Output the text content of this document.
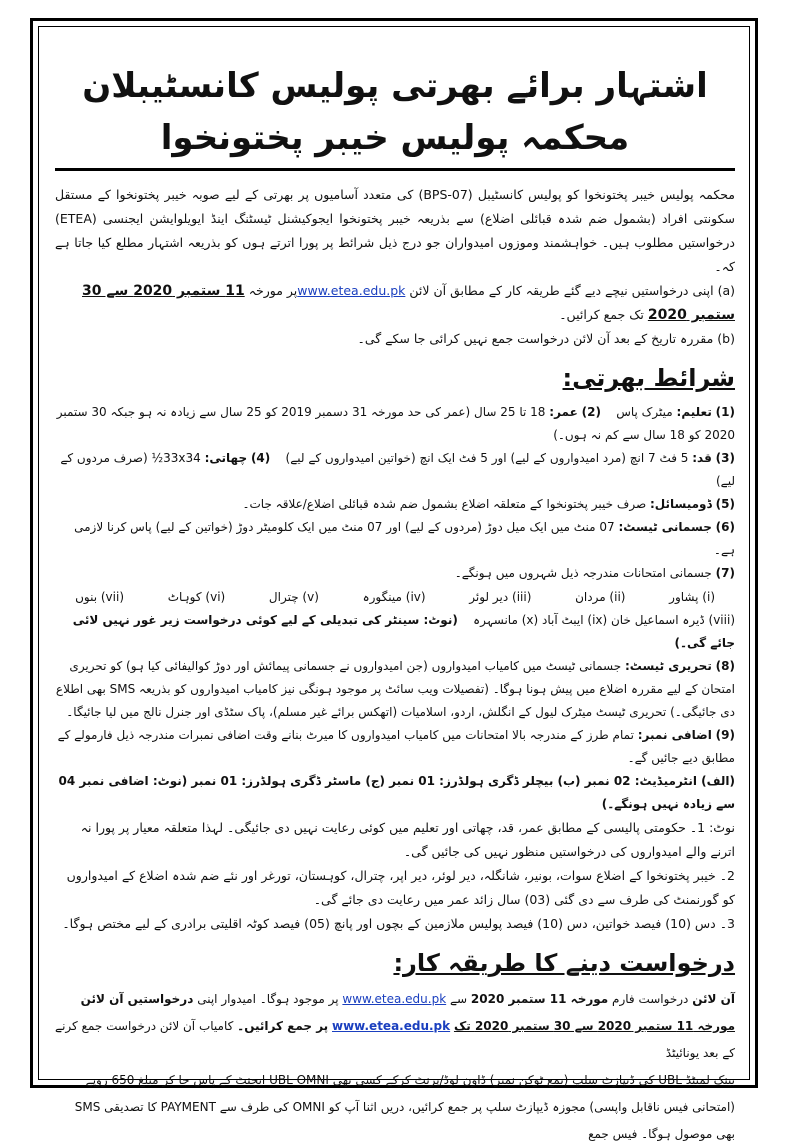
اشتہار برائے بھرتی پولیس کانسٹیبلان محکمہ پولیس خیبر پختونخوا

محکمہ پولیس خیبر پختونخوا کو پولیس کانسٹیبل (BPS-07) کی متعدد آسامیوں پر بھرتی کے لیے صوبہ خیبر پختونخوا کے مستقل سکونتی افراد (بشمول ضم شدہ قبائلی اضلاع) سے بذریعہ خیبر پختونخوا ایجوکیشنل ٹیسٹنگ اینڈ ایویلوایشن ایجنسی (ETEA) درخواستیں مطلوب ہیں۔ خواہشمند وموزوں امیدواران جو درج ذیل شرائط پر پورا اترتے ہوں کو بذریعہ اشتہار مطلع کیا جاتا ہے کہ۔

(a) اپنی درخواستیں نیچے دیے گئے طریقہ کار کے مطابق آن لائن www.etea.edu.pkپر مورخہ 11 ستمبر 2020 سے 30 ستمبر 2020 تک جمع کرائیں۔

(b) مقررہ تاریخ کے بعد آن لائن درخواست جمع نہیں کرائی جا سکے گی۔

شرائط بھرتی:

(1) تعلیم: میٹرک پاس    (2) عمر: 18 تا 25 سال (عمر کی حد مورخہ 31 دسمبر 2019 کو 25 سال سے زیادہ نہ ہو جبکہ 30 ستمبر 2020 کو 18 سال سے کم نہ ہوں۔)

(3) قد: 5 فٹ 7 انچ (مرد امیدواروں کے لیے) اور 5 فٹ ایک انچ (خواتین امیدواروں کے لیے)    (4) چھاتی: 33x34½ (صرف مردوں کے لیے)

(5) ڈومیسائل: صرف خیبر پختونخوا کے متعلقہ اضلاع بشمول ضم شدہ قبائلی اضلاع/علاقہ جات۔

(6) جسمانی ٹیسٹ: 07 منٹ میں ایک میل دوڑ (مردوں کے لیے) اور 07 منٹ میں ایک کلومیٹر دوڑ (خواتین کے لیے) پاس کرنا لازمی ہے۔

(7) جسمانی امتحانات مندرجہ ذیل شہروں میں ہونگے۔

(i) پشاور
(ii) مردان
(iii) دیر لوئر
(iv) مینگورہ
(v) چترال
(vi) کوہاٹ
(vii) بنوں

(viii) ڈیرہ اسماعیل خان (ix) ایبٹ آباد (x) مانسہرہ    (نوٹ: سینٹر کی تبدیلی کے لیے کوئی درخواست زیر غور نہیں لائی جائے گی۔)

(8) تحریری ٹیسٹ: جسمانی ٹیسٹ میں کامیاب امیدواروں (جن امیدواروں نے جسمانی پیمائش اور دوڑ کوالیفائی کیا ہو) کو تحریری امتحان کے لیے مقررہ اضلاع میں پیش ہونا ہوگا۔ (تفصیلات ویب سائٹ پر موجود ہونگی نیز کامیاب امیدواروں کو بذریعہ SMS بھی اطلاع دی جائیگی۔) تحریری ٹیسٹ میٹرک لیول کے انگلش، اردو، اسلامیات (اتھکس برائے غیر مسلم)، پاک سٹڈی اور جنرل نالج میں لیا جائیگا۔

(9) اضافی نمبر: تمام طرز کے مندرجہ بالا امتحانات میں کامیاب امیدواروں کا میرٹ بنانے وقت اضافی نمبرات مندرجہ ذیل فارمولے کے مطابق دیے جائیں گے۔

(الف) انٹرمیڈیٹ: 02 نمبر (ب) بیچلر ڈگری ہولڈرز: 01 نمبر (ج) ماسٹر ڈگری ہولڈرز: 01 نمبر (نوٹ: اضافی نمبر 04 سے زیادہ نہیں ہونگے۔)

نوٹ: 1۔ حکومتی پالیسی کے مطابق عمر، قد، چھاتی اور تعلیم میں کوئی رعایت نہیں دی جائیگی۔ لہذا متعلقہ معیار پر پورا نہ اترنے والے امیدواروں کی درخواستیں منظور نہیں کی جائیں گی۔

2۔ خیبر پختونخوا کے اضلاع سوات، بونیر، شانگلہ، دیر لوئر، دیر اپر، چترال، کوہستان، تورغر اور نئے ضم شدہ اضلاع کے امیدواروں کو گورنمنٹ کی طرف سے دی گئی (03) سال زائد عمر میں رعایت دی جائے گی۔

3۔ دس (10) فیصد خواتین، دس (10) فیصد پولیس ملازمین کے بچوں اور پانچ (05) فیصد کوٹہ اقلیتی برادری کے لیے مختص ہوگا۔

درخواست دینے کا طریقہ کار:

آن لائن درخواست فارم مورخہ 11 ستمبر 2020 سے www.etea.edu.pk پر موجود ہوگا۔ امیدوار اپنی درخواستیں آن لائن

مورخہ 11 ستمبر 2020 سے 30 ستمبر 2020 تک www.etea.edu.pk پر جمع کرائیں۔ کامیاب آن لائن درخواست جمع کرنے کے بعد یونائیٹڈ

بینک لمیٹڈ UBL کی ڈیپازٹ سلپ (بمع ٹوکن نمبر) ڈاون لوڈ/پرنٹ کرکے کسی بھی UBL OMNI ایجنٹ کے پاس جا کر مبلغ 650 روپے (امتحانی فیس ناقابل واپسی) مجوزہ ڈیپازٹ سلپ پر جمع کرائیں، دریں اثنا آپ کو OMNI کی طرف سے PAYMENT کا تصدیقی SMS بھی موصول ہوگا۔ فیس جمع
